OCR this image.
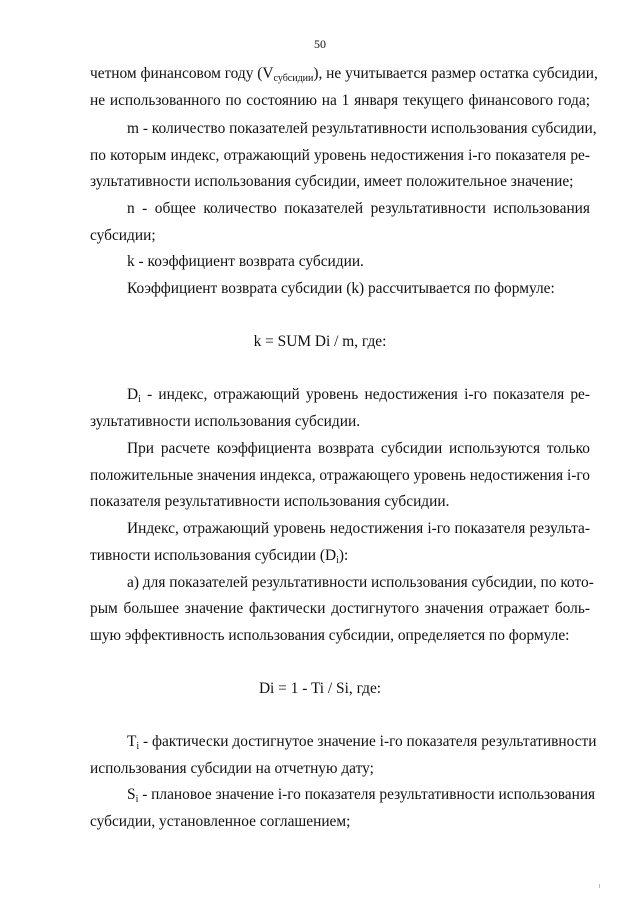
50
четном финансовом году $(V_{субсидии})$, не учитывается размер остатка субсидии,
не использованного по состоянию на 1 января текущего финансового года;
m - количество показателей результативности использования субсидии,
по которым индекс, отражающий уровень недостижения i-го показателя ре-
зультативности использования субсидии, имеет положительное значение;
n - общее количество показателей результативности использования
субсидии;
k - коэффициент возврата субсидии.
Коэффициент возврата субсидии (k) рассчитывается по формуле:
k = SUM Di / m, где:
$D_i$ - индекс, отражающий уровень недостижения i-го показателя ре-
зультативности использования субсидии.
При расчете коэффициента возврата субсидии используются только
положительные значения индекса, отражающего уровень недостижения i-го
показателя результативности использования субсидии.
Индекс, отражающий уровень недостижения i-го показателя результа-
тивности использования субсидии $(D_i)$:
а) для показателей результативности использования субсидии, по кото-
рым большее значение фактически достигнутого значения отражает боль-
шую эффективность использования субсидии, определяется по формуле:
Di = 1 - Ti / Si, где:
$T_i$ - фактически достигнутое значение i-го показателя результативности
использования субсидии на отчетную дату;
$S_i$ - плановое значение i-го показателя результативности использования
субсидии, установленное соглашением;
